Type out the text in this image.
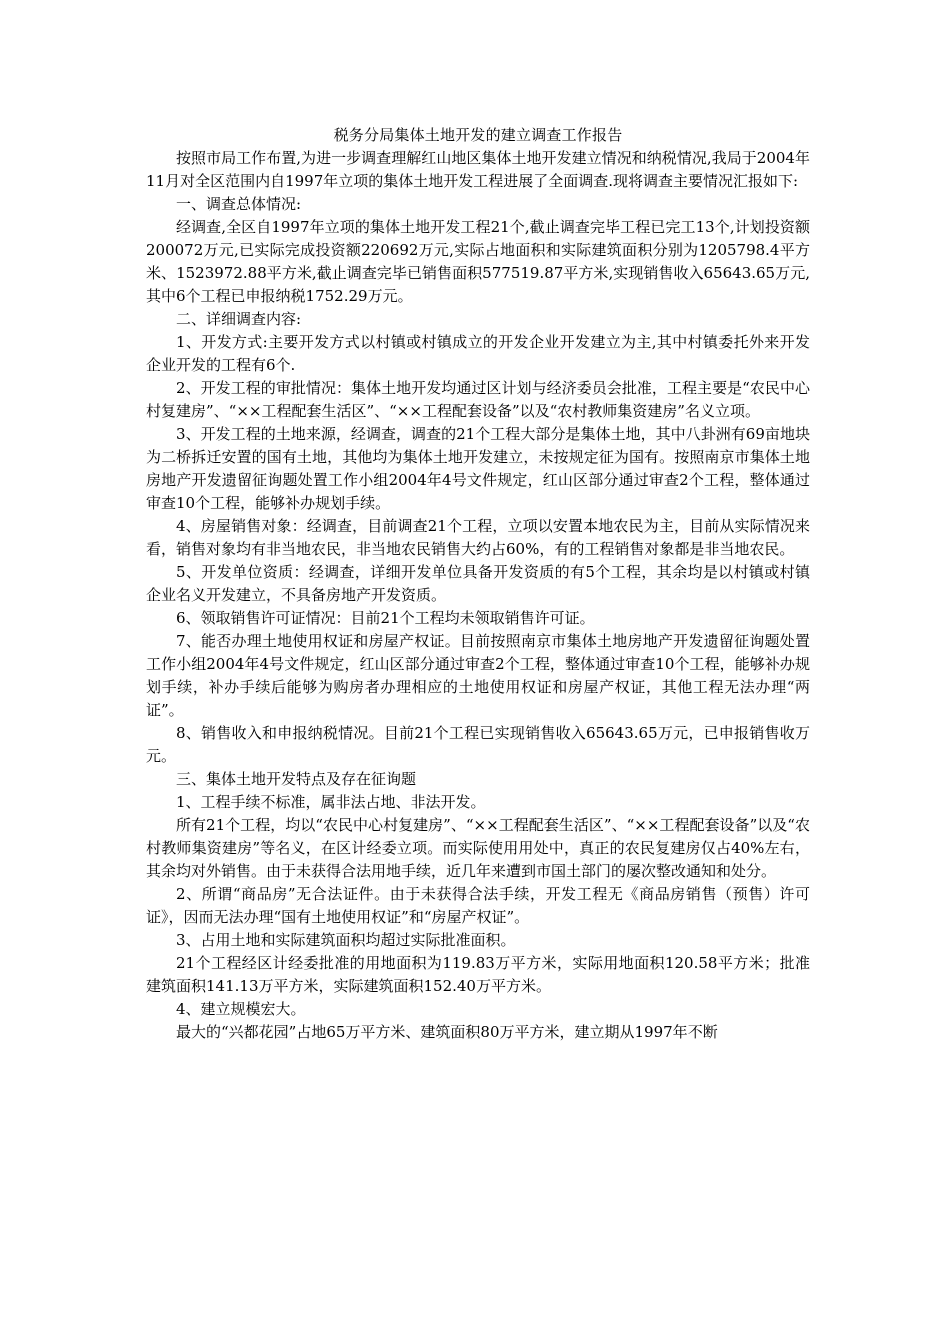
税务分局集体土地开发的建立调查工作报告

按照市局工作布置,为进一步调查理解红山地区集体土地开发建立情况和纳税情况,我局于2004年11月对全区范围内自1997年立项的集体土地开发工程进展了全面调查.现将调查主要情况汇报如下:

一、调查总体情况:

经调查,全区自1997年立项的集体土地开发工程21个,截止调查完毕工程已完工13个,计划投资额200072万元,已实际完成投资额220692万元,实际占地面积和实际建筑面积分别为1205798.4平方米、1523972.88平方米,截止调查完毕已销售面积577519.87平方米,实现销售收入65643.65万元,其中6个工程已申报纳税1752.29万元。

二、详细调查内容:

1、开发方式:主要开发方式以村镇或村镇成立的开发企业开发建立为主,其中村镇委托外来开发企业开发的工程有6个.

2、开发工程的审批情况：集体土地开发均通过区计划与经济委员会批准，工程主要是“农民中心村复建房”、“××工程配套生活区”、“××工程配套设备”以及“农村教师集资建房”名义立项。

3、开发工程的土地来源，经调查，调查的21个工程大部分是集体土地，其中八卦洲有69亩地块为二桥拆迁安置的国有土地，其他均为集体土地开发建立，未按规定征为国有。按照南京市集体土地房地产开发遗留征询题处置工作小组2004年4号文件规定，红山区部分通过审查2个工程，整体通过审查10个工程，能够补办规划手续。

4、房屋销售对象：经调查，目前调查21个工程，立项以安置本地农民为主，目前从实际情况来看，销售对象均有非当地农民，非当地农民销售大约占60%，有的工程销售对象都是非当地农民。

5、开发单位资质：经调查，详细开发单位具备开发资质的有5个工程，其余均是以村镇或村镇企业名义开发建立，不具备房地产开发资质。

6、领取销售许可证情况：目前21个工程均未领取销售许可证。

7、能否办理土地使用权证和房屋产权证。目前按照南京市集体土地房地产开发遗留征询题处置工作小组2004年4号文件规定，红山区部分通过审查2个工程，整体通过审查10个工程，能够补办规划手续，补办手续后能够为购房者办理相应的土地使用权证和房屋产权证，其他工程无法办理“两证”。

8、销售收入和申报纳税情况。目前21个工程已实现销售收入65643.65万元，已申报销售收万元。

三、集体土地开发特点及存在征询题

1、工程手续不标准，属非法占地、非法开发。

所有21个工程，均以“农民中心村复建房”、“××工程配套生活区”、“××工程配套设备”以及“农村教师集资建房”等名义，在区计经委立项。而实际使用用处中，真正的农民复建房仅占40%左右，其余均对外销售。由于未获得合法用地手续，近几年来遭到市国土部门的屡次整改通知和处分。

2、所谓“商品房”无合法证件。由于未获得合法手续，开发工程无《商品房销售（预售）许可证》，因而无法办理“国有土地使用权证”和“房屋产权证”。

3、占用土地和实际建筑面积均超过实际批准面积。

21个工程经区计经委批准的用地面积为119.83万平方米，实际用地面积120.58平方米；批准建筑面积141.13万平方米，实际建筑面积152.40万平方米。

4、建立规模宏大。

最大的“兴都花园”占地65万平方米、建筑面积80万平方米，建立期从1997年不断
